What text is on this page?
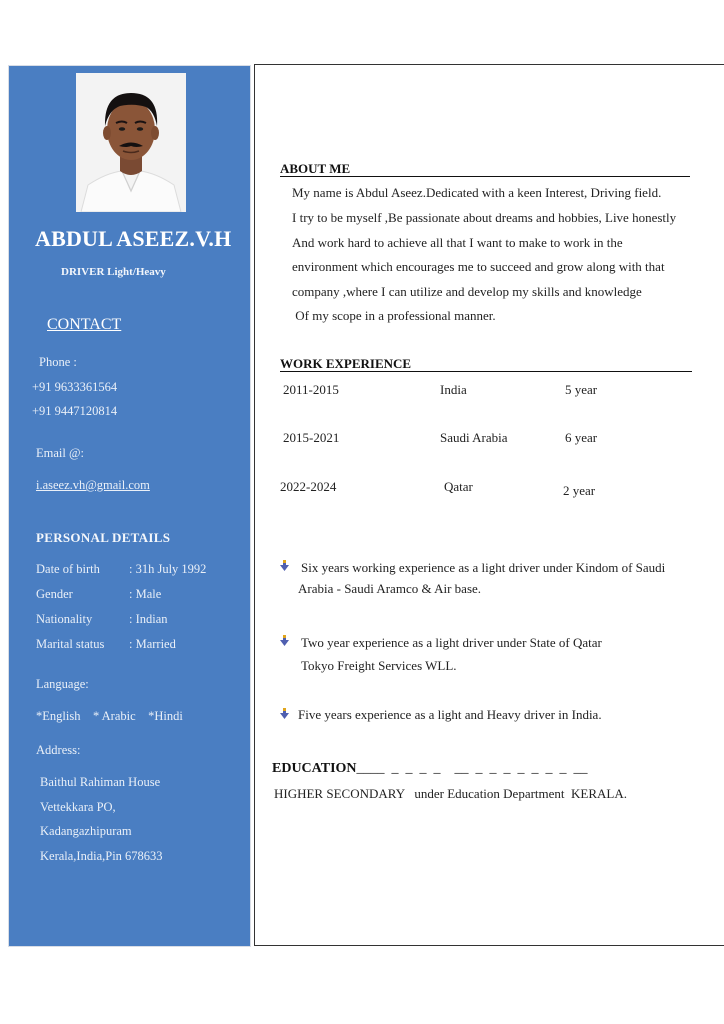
ABDUL ASEEZ.V.H
DRIVER Light/Heavy
CONTACT
Phone :
+91 9633361564
+91 9447120814
Email @:
i.aseez.vh@gmail.com
PERSONAL DETAILS
Date of birth : 31h July 1992
Gender	: Male
Nationality	: Indian
Marital status : Married
Language:
*English    * Arabic    *Hindi
Address:
Baithul Rahiman House
Vettekkara PO,
Kadangazhipuram
Kerala,India,Pin 678633
ABOUT ME
My name is Abdul Aseez.Dedicated with a keen Interest, Driving field.
I try to be myself ,Be passionate about dreams and hobbies, Live honestly
And work hard to achieve all that I want to make to work in the
environment which encourages me to succeed and grow along with that
company ,where I can utilize and develop my skills and knowledge
Of my scope in a professional manner.
WORK EXPERIENCE
2011-2015	India	5 year
2015-2021	Saudi Arabia	6 year
2022-2024	Qatar	2 year
Six years working experience as a light driver under Kindom of Saudi
Arabia - Saudi Aramco & Air base.
Two year experience as a light driver under State of Qatar
Tokyo Freight Services WLL.
Five years experience as a light and Heavy driver in India.
EDUCATION____  _  _  _  _    __  _  _  _  _  _  _  _  __
HIGHER SECONDARY   under Education Department  KERALA.
